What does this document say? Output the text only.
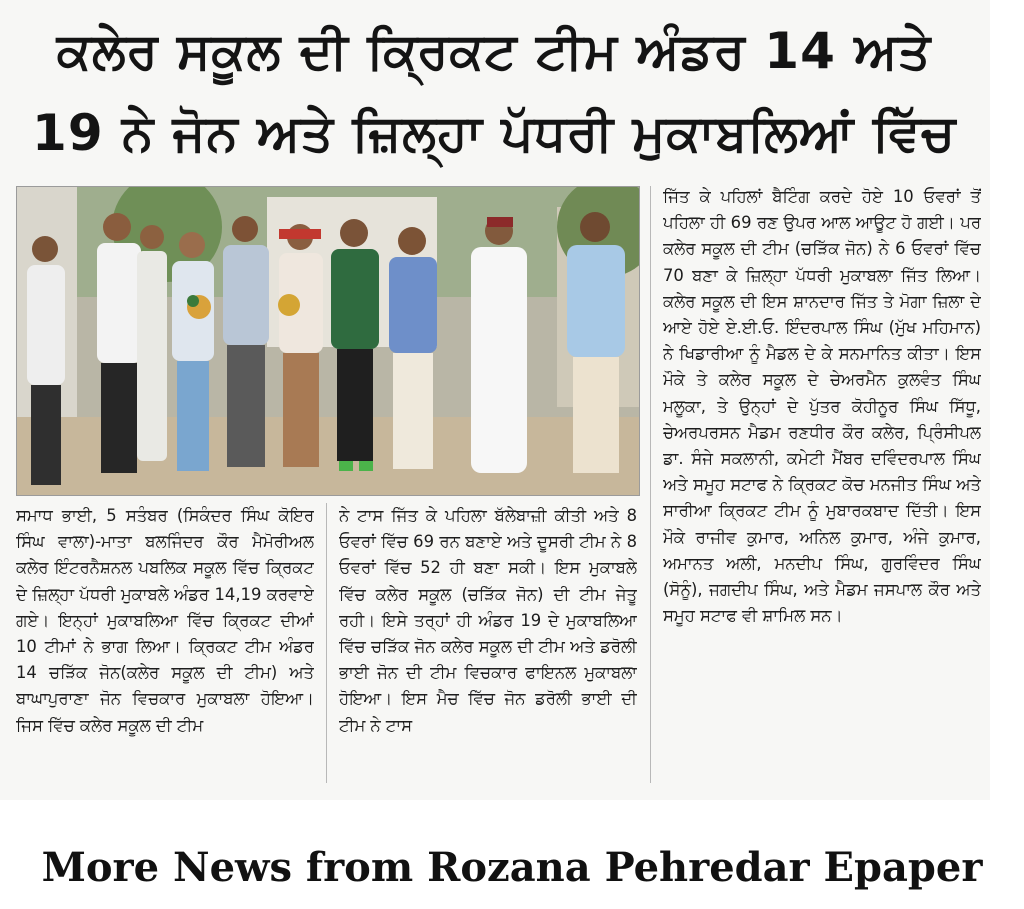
ਕਲੇਰ ਸਕੂਲ ਦੀ ਕ੍ਰਿਕਟ ਟੀਮ ਅੰਡਰ 14 ਅਤੇ 19 ਨੇ ਜੋਨ ਅਤੇ ਜ਼ਿਲ੍ਹਾ ਪੱਧਰੀ ਮੁਕਾਬਲਿਆਂ ਵਿੱਚ
ਸਮਾਧ ਭਾਈ, 5 ਸਤੰਬਰ (ਸਿਕੰਦਰ ਸਿੰਘ ਕੋਇਰ ਸਿੰਘ ਵਾਲਾ)-ਮਾਤਾ ਬਲਜਿੰਦਰ ਕੌਰ ਮੈਮੋਰੀਅਲ ਕਲੇਰ ਇੰਟਰਨੈਸ਼ਨਲ ਪਬਲਿਕ ਸਕੂਲ ਵਿੱਚ ਕ੍ਰਿਕਟ ਦੇ ਜ਼ਿਲ੍ਹਾ ਪੱਧਰੀ ਮੁਕਾਬਲੇ ਅੰਡਰ 14,19 ਕਰਵਾਏ ਗਏ। ਇਨ੍ਹਾਂ ਮੁਕਾਬਲਿਆ ਵਿੱਚ ਕ੍ਰਿਕਟ ਦੀਆਂ 10 ਟੀਮਾਂ ਨੇ ਭਾਗ ਲਿਆ। ਕ੍ਰਿਕਟ ਟੀਮ ਅੰਡਰ 14 ਚੜਿੱਕ ਜੋਨ(ਕਲੇਰ ਸਕੂਲ ਦੀ ਟੀਮ) ਅਤੇ ਬਾਘਾਪੁਰਾਣਾ ਜੋਨ ਵਿਚਕਾਰ ਮੁਕਾਬਲਾ ਹੋਇਆ। ਜਿਸ ਵਿੱਚ ਕਲੇਰ ਸਕੂਲ ਦੀ ਟੀਮ
ਨੇ ਟਾਸ ਜਿੱਤ ਕੇ ਪਹਿਲਾ ਬੱਲੇਬਾਜ਼ੀ ਕੀਤੀ ਅਤੇ 8 ਓਵਰਾਂ ਵਿੱਚ 69 ਰਨ ਬਣਾਏ ਅਤੇ ਦੂਸਰੀ ਟੀਮ ਨੇ 8 ਓਵਰਾਂ ਵਿੱਚ 52 ਹੀ ਬਣਾ ਸਕੀ। ਇਸ ਮੁਕਾਬਲੇ ਵਿੱਚ ਕਲੇਰ ਸਕੂਲ (ਚੜਿੱਕ ਜੋਨ) ਦੀ ਟੀਮ ਜੇਤੂ ਰਹੀ। ਇਸੇ ਤਰ੍ਹਾਂ ਹੀ ਅੰਡਰ 19 ਦੇ ਮੁਕਾਬਲਿਆ ਵਿੱਚ ਚੜਿੱਕ ਜੋਨ ਕਲੇਰ ਸਕੂਲ ਦੀ ਟੀਮ ਅਤੇ ਡਰੋਲੀ ਭਾਈ ਜੋਨ ਦੀ ਟੀਮ ਵਿਚਕਾਰ ਫਾਇਨਲ ਮੁਕਾਬਲਾ ਹੋਇਆ। ਇਸ ਮੈਚ ਵਿੱਚ ਜੋਨ ਡਰੋਲੀ ਭਾਈ ਦੀ ਟੀਮ ਨੇ ਟਾਸ
ਜਿੱਤ ਕੇ ਪਹਿਲਾਂ ਬੈਟਿੰਗ ਕਰਦੇ ਹੋਏ 10 ਓਵਰਾਂ ਤੋਂ ਪਹਿਲਾ ਹੀ 69 ਰਣ ਉਪਰ ਆਲ ਆਊਟ ਹੋ ਗਈ। ਪਰ ਕਲੇਰ ਸਕੂਲ ਦੀ ਟੀਮ (ਚੜਿੱਕ ਜੋਨ) ਨੇ 6 ਓਵਰਾਂ ਵਿੱਚ 70 ਬਣਾ ਕੇ ਜ਼ਿਲ੍ਹਾ ਪੱਧਰੀ ਮੁਕਾਬਲਾ ਜਿੱਤ ਲਿਆ। ਕਲੇਰ ਸਕੂਲ ਦੀ ਇਸ ਸ਼ਾਨਦਾਰ ਜਿੱਤ ਤੇ ਮੋਗਾ ਜ਼ਿਲਾ ਦੇ ਆਏ ਹੋਏ ਏ.ਈ.ਓ. ਇੰਦਰਪਾਲ ਸਿੰਘ (ਮੁੱਖ ਮਹਿਮਾਨ) ਨੇ ਖਿਡਾਰੀਆ ਨੂੰ ਮੈਡਲ ਦੇ ਕੇ ਸਨਮਾਨਿਤ ਕੀਤਾ। ਇਸ ਮੌਕੇ ਤੇ ਕਲੇਰ ਸਕੂਲ ਦੇ ਚੇਅਰਮੈਨ ਕੁਲਵੰਤ ਸਿੰਘ ਮਲੂਕਾ, ਤੇ ਉਨ੍ਹਾਂ ਦੇ ਪੁੱਤਰ ਕੋਹੀਨੂਰ ਸਿੰਘ ਸਿੱਧੂ, ਚੇਅਰਪਰਸਨ ਮੈਡਮ ਰਣਧੀਰ ਕੌਰ ਕਲੇਰ, ਪ੍ਰਿੰਸੀਪਲ ਡਾ. ਸੰਜੇ ਸਕਲਾਨੀ, ਕਮੇਟੀ ਮੈਂਬਰ ਦਵਿੰਦਰਪਾਲ ਸਿੰਘ ਅਤੇ ਸਮੂਹ ਸਟਾਫ ਨੇ ਕ੍ਰਿਕਟ ਕੋਚ ਮਨਜੀਤ ਸਿੰਘ ਅਤੇ ਸਾਰੀਆ ਕ੍ਰਿਕਟ ਟੀਮ ਨੂੰ ਮੁਬਾਰਕਬਾਦ ਦਿੱਤੀ। ਇਸ ਮੌਕੇ ਰਾਜੀਵ ਕੁਮਾਰ, ਅਨਿਲ ਕੁਮਾਰ, ਅੰਜੇ ਕੁਮਾਰ, ਅਮਾਨਤ ਅਲੀ, ਮਨਦੀਪ ਸਿੰਘ, ਗੁਰਵਿੰਦਰ ਸਿੰਘ (ਸੋਨੂੰ), ਜਗਦੀਪ ਸਿੰਘ, ਅਤੇ ਮੈਡਮ ਜਸਪਾਲ ਕੌਰ ਅਤੇ ਸਮੂਹ ਸਟਾਫ ਵੀ ਸ਼ਾਮਿਲ ਸਨ।
More News from Rozana Pehredar Epaper
